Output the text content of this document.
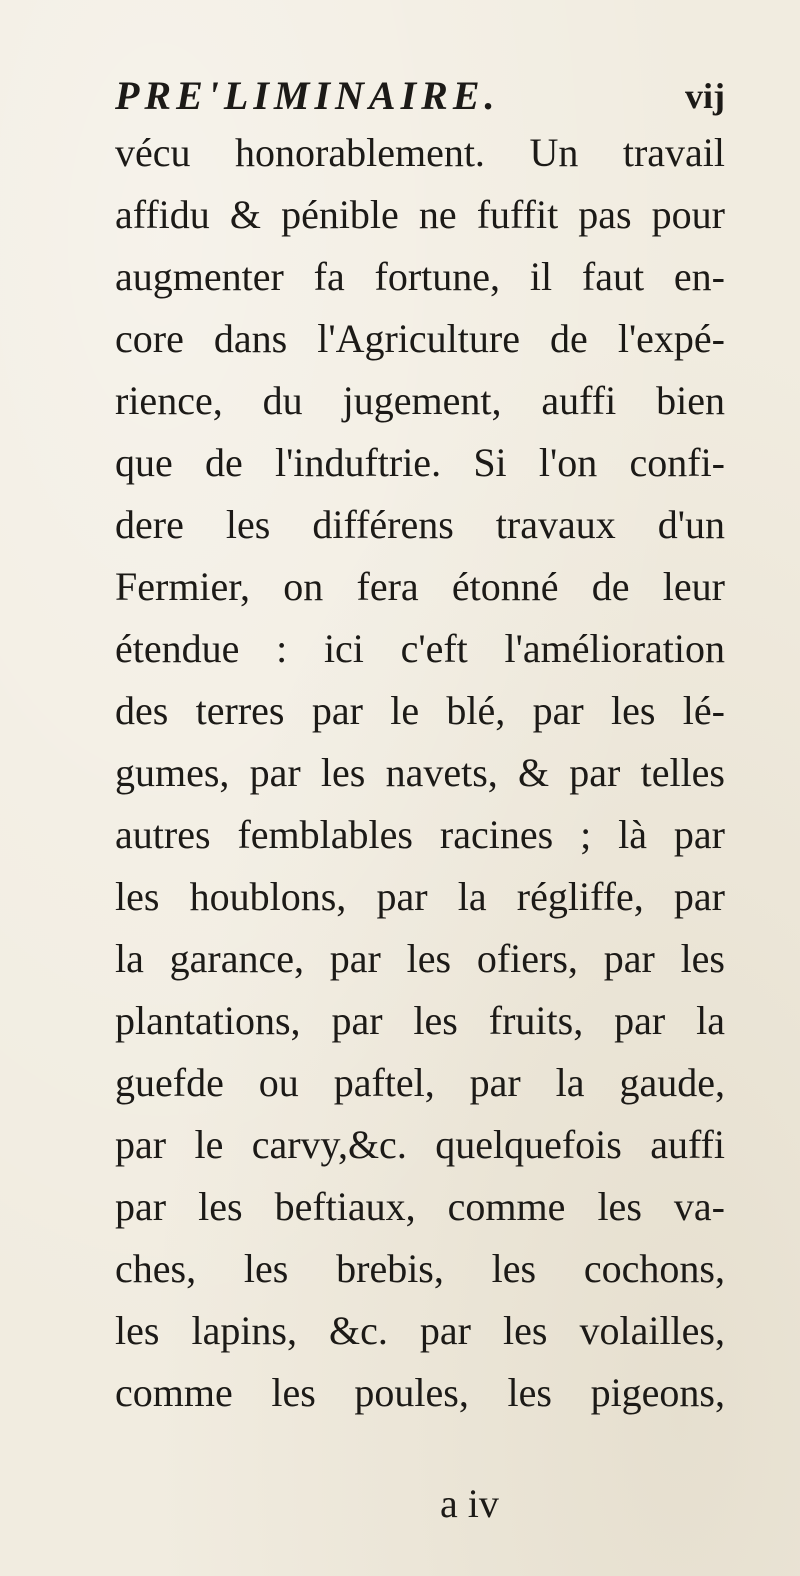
PRE'LIMINAIRE.	vij
vécu honorablement. Un travail
affidu & pénible ne fuffit pas pour
augmenter fa fortune, il faut en-
core dans l'Agriculture de l'expé-
rience, du jugement, auffi bien
que de l'induftrie. Si l'on confi-
dere les différens travaux d'un
Fermier, on fera étonné de leur
étendue : ici c'eft l'amélioration
des terres par le blé, par les lé-
gumes, par les navets, & par telles
autres femblables racines ; là par
les houblons, par la régliffe, par
la garance, par les ofiers, par les
plantations, par les fruits, par la
guefde ou paftel, par la gaude,
par le carvy,&c. quelquefois auffi
par les beftiaux, comme les va-
ches, les brebis, les cochons,
les lapins, &c. par les volailles,
comme les poules, les pigeons,
a iv
